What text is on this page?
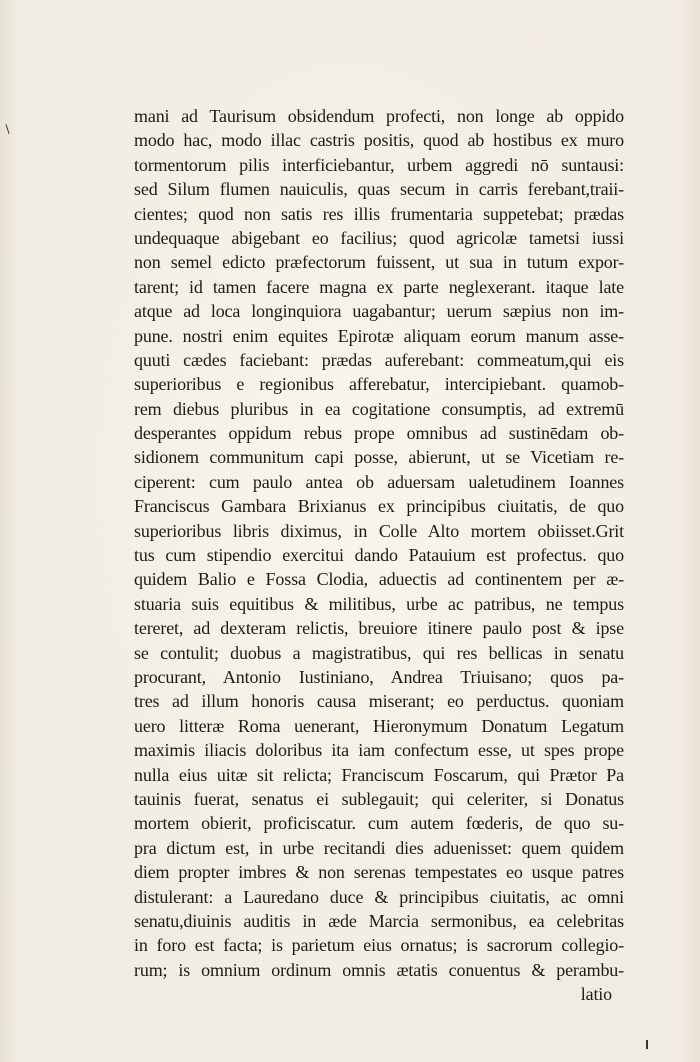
mani ad Taurisum obsidendum profecti, non longe ab oppido
modo hac, modo illac castris positis, quod ab hostibus ex muro
tormentorum pilis interficiebantur, urbem aggredi nō suntausi:
sed Silum flumen nauiculis, quas secum in carris ferebant,traii-
cientes; quod non satis res illis frumentaria suppetebat; prædas
undequaque abigebant eo facilius; quod agricolæ tametsi iussi
non semel edicto præfectorum fuissent, ut sua in tutum expor-
tarent; id tamen facere magna ex parte neglexerant. itaque late
atque ad loca longinquiora uagabantur; uerum sæpius non im-
pune. nostri enim equites Epirotæ aliquam eorum manum asse-
quuti cædes faciebant: prædas auferebant: commeatum,qui eis
superioribus e regionibus afferebatur, intercipiebant. quamob-
rem diebus pluribus in ea cogitatione consumptis, ad extremū
desperantes oppidum rebus prope omnibus ad sustinēdam ob-
sidionem communitum capi posse, abierunt, ut se Vicetiam re-
ciperent: cum paulo antea ob aduersam ualetudinem Ioannes
Franciscus Gambara Brixianus ex principibus ciuitatis, de quo
superioribus libris diximus, in Colle Alto mortem obiisset.Grit
tus cum stipendio exercitui dando Patauium est profectus. quo
quidem Balio e Fossa Clodia, aduectis ad continentem per æ-
stuaria suis equitibus & militibus, urbe ac patribus, ne tempus
tereret, ad dexteram relictis, breuiore itinere paulo post & ipse
se contulit; duobus a magistratibus, qui res bellicas in senatu
procurant, Antonio Iustiniano, Andrea Triuisano; quos pa-
tres ad illum honoris causa miserant; eo perductus. quoniam
uero litteræ Roma uenerant, Hieronymum Donatum Legatum
maximis iliacis doloribus ita iam confectum esse, ut spes prope
nulla eius uitæ sit relicta; Franciscum Foscarum, qui Prætor Pa
tauinis fuerat, senatus ei sublegauit; qui celeriter, si Donatus
mortem obierit, proficiscatur. cum autem fœderis, de quo su-
pra dictum est, in urbe recitandi dies aduenisset: quem quidem
diem propter imbres & non serenas tempestates eo usque patres
distulerant: a Lauredano duce & principibus ciuitatis, ac omni
senatu,diuinis auditis in æde Marcia sermonibus, ea celebritas
in foro est facta; is parietum eius ornatus; is sacrorum collegio-
rum; is omnium ordinum omnis ætatis conuentus & perambu-
latio
